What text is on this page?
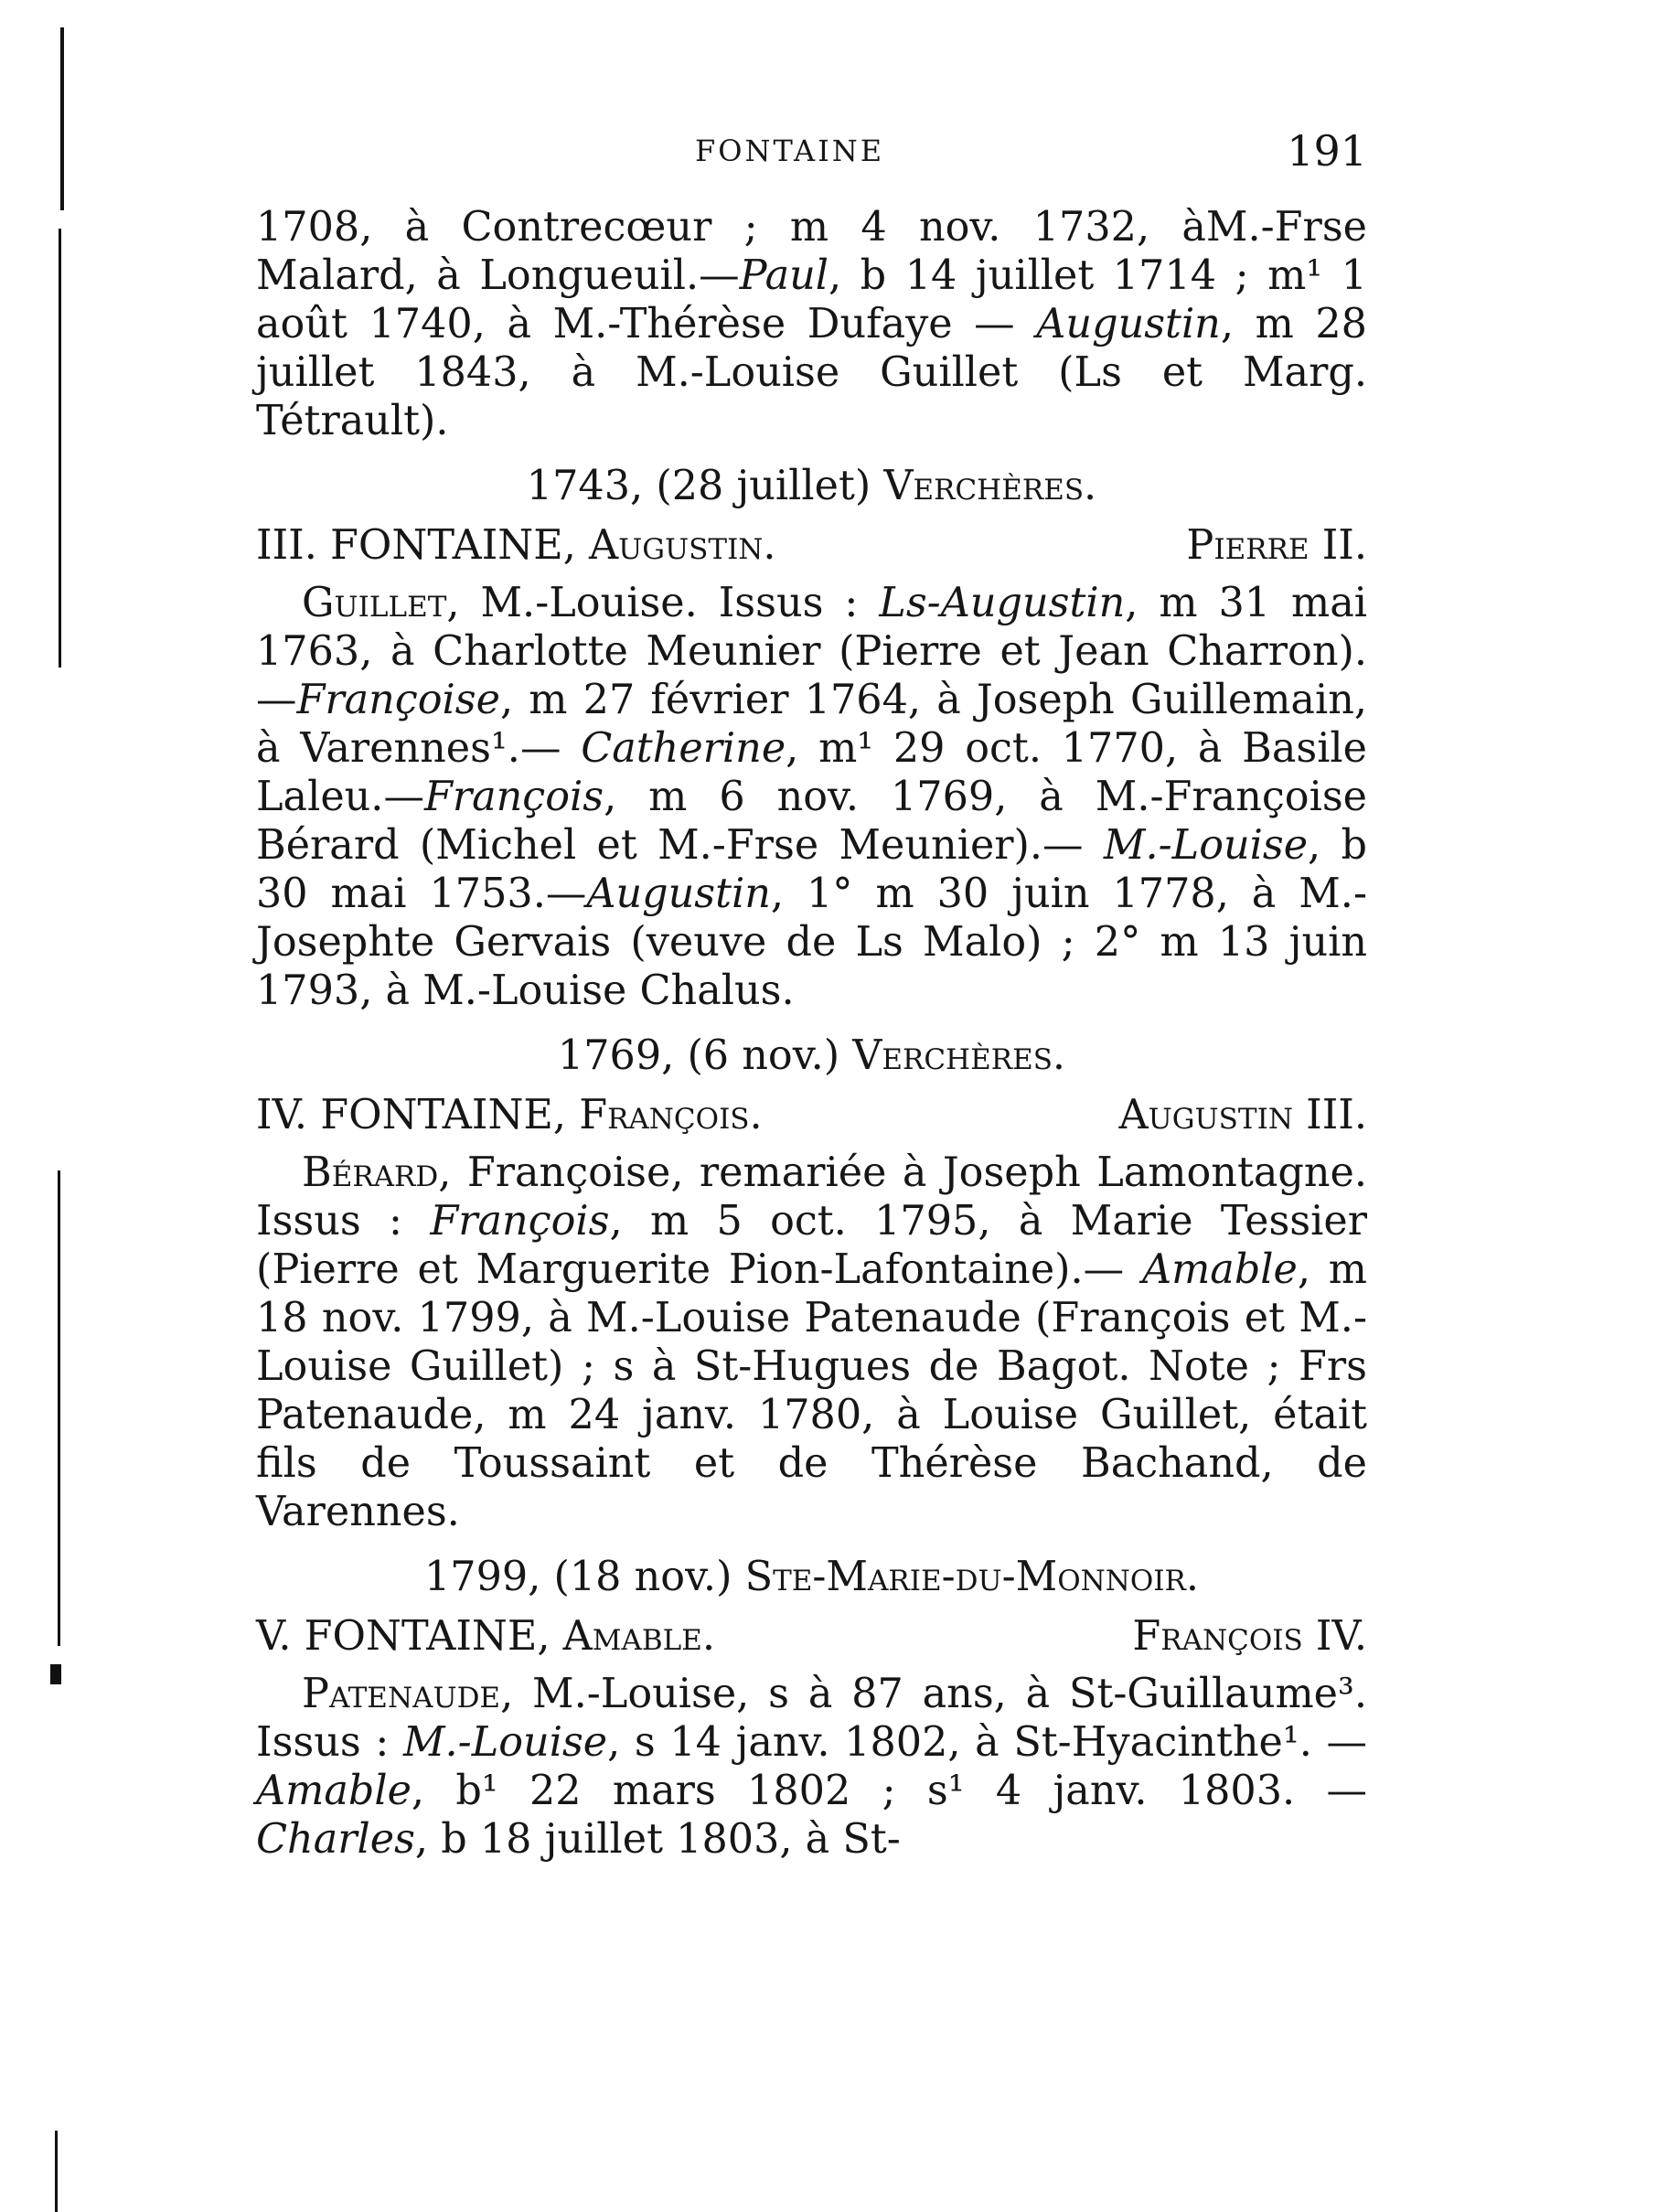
FONTAINE	191

1708, à Contrecœur ; m 4 nov. 1732, àM.-Frse Malard, à Longueuil.—Paul, b 14 juillet 1714 ; m¹ 1 août 1740, à M.-Thérèse Dufaye — Augustin, m 28 juillet 1843, à M.-Louise Guillet (Ls et Marg. Tétrault).

1743, (28 juillet) Verchères.
III. FONTAINE, Augustin.	Pierre II.

Guillet, M.-Louise. Issus : Ls-Augustin, m 31 mai 1763, à Charlotte Meunier (Pierre et Jean Charron).—Françoise, m 27 février 1764, à Joseph Guillemain, à Varennes¹.— Catherine, m¹ 29 oct. 1770, à Basile Laleu.—François, m 6 nov. 1769, à M.-Françoise Bérard (Michel et M.-Frse Meunier).— M.-Louise, b 30 mai 1753.—Augustin, 1° m 30 juin 1778, à M.-Josephte Gervais (veuve de Ls Malo) ; 2° m 13 juin 1793, à M.-Louise Chalus.

1769, (6 nov.) Verchères.
IV. FONTAINE, François.	Augustin III.

Bérard, Françoise, remariée à Joseph Lamontagne. Issus : François, m 5 oct. 1795, à Marie Tessier (Pierre et Marguerite Pion-Lafontaine).— Amable, m 18 nov. 1799, à M.-Louise Patenaude (François et M.-Louise Guillet) ; s à St-Hugues de Bagot. Note ; Frs Patenaude, m 24 janv. 1780, à Louise Guillet, était fils de Toussaint et de Thérèse Bachand, de Varennes.

1799, (18 nov.) Ste-Marie-du-Monnoir.
V. FONTAINE, Amable.	François IV.

Patenaude, M.-Louise, s à 87 ans, à St-Guillaume³. Issus : M.-Louise, s 14 janv. 1802, à St-Hyacinthe¹. — Amable, b¹ 22 mars 1802 ; s¹ 4 janv. 1803. — Charles, b 18 juillet 1803, à St-
